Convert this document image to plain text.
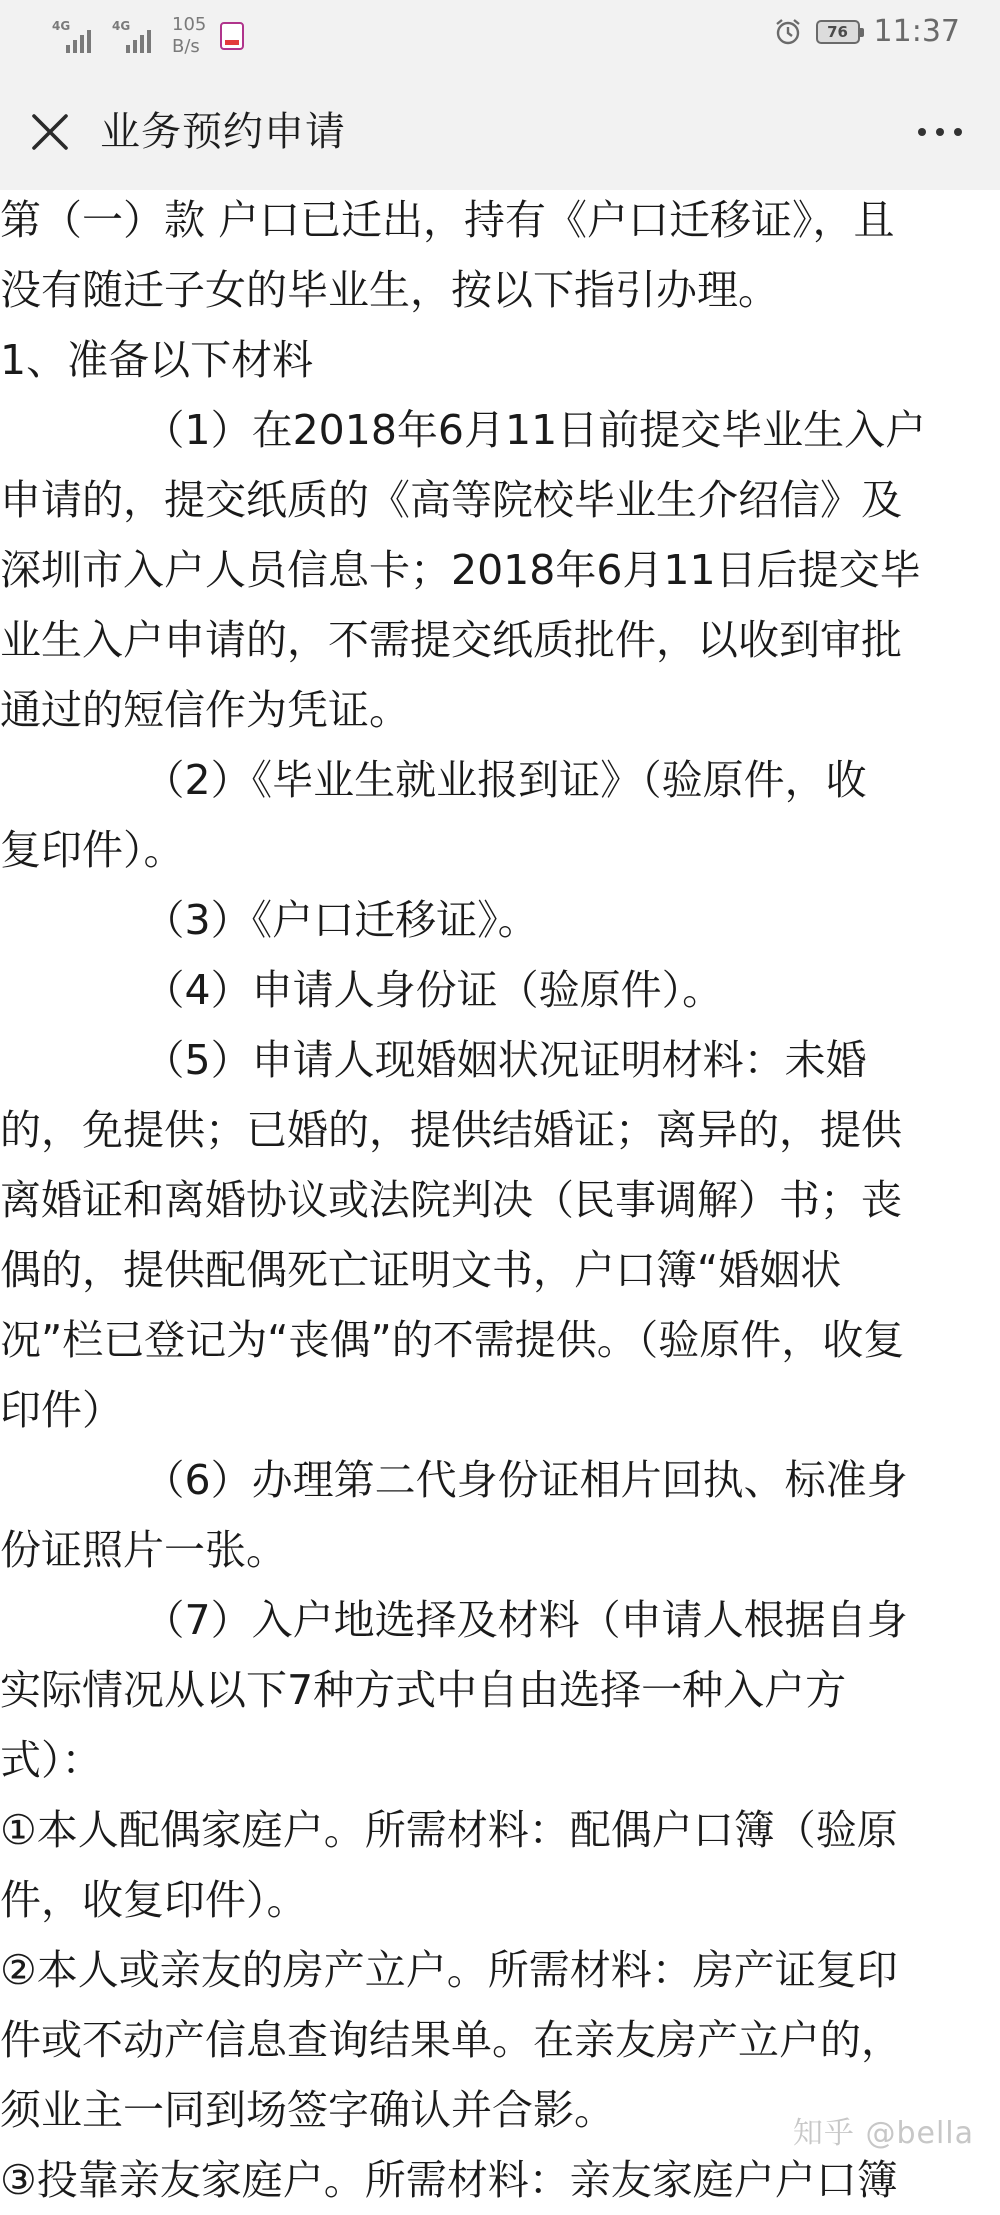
4G	4G 105
B/s
76 11:37
业务预约申请

第（一）款 户口已迁出，持有《户口迁移证》，且

没有随迁子女的毕业生，按以下指引办理。

1、准备以下材料

　　　　（1）在2018年6月11日前提交毕业生入户

申请的，提交纸质的《高等院校毕业生介绍信》及

深圳市入户人员信息卡；2018年6月11日后提交毕

业生入户申请的，不需提交纸质批件，以收到审批

通过的短信作为凭证。

　　　　（2）《毕业生就业报到证》（验原件，收

复印件）。

　　　　（3）《户口迁移证》。

　　　　（4）申请人身份证（验原件）。

　　　　（5）申请人现婚姻状况证明材料：未婚

的，免提供；已婚的，提供结婚证；离异的，提供

离婚证和离婚协议或法院判决（民事调解）书；丧

偶的，提供配偶死亡证明文书，户口簿“婚姻状

况”栏已登记为“丧偶”的不需提供。（验原件，收复

印件）

　　　　（6）办理第二代身份证相片回执、标准身

份证照片一张。

　　　　（7）入户地选择及材料（申请人根据自身

实际情况从以下7种方式中自由选择一种入户方

式）：

①本人配偶家庭户。所需材料：配偶户口簿（验原

件，收复印件）。

②本人或亲友的房产立户。所需材料：房产证复印

件或不动产信息查询结果单。在亲友房产立户的，

须业主一同到场签字确认并合影。

③投靠亲友家庭户。所需材料：亲友家庭户户口簿

知乎 @bella
